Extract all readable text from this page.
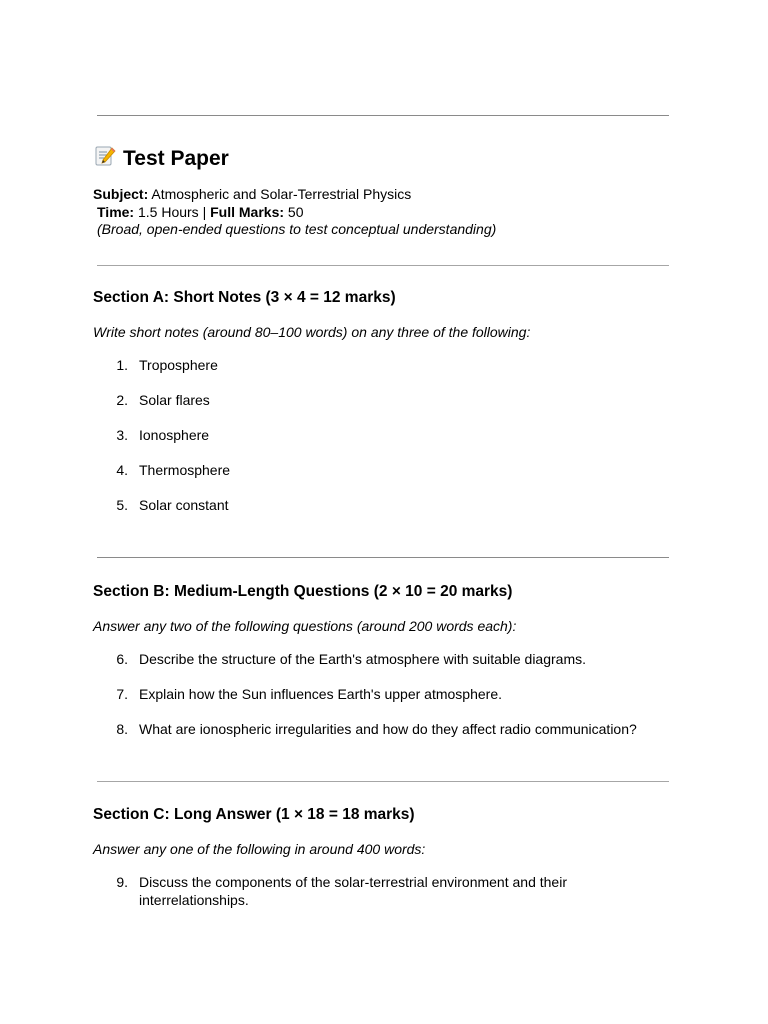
Test Paper
Subject: Atmospheric and Solar-Terrestrial Physics
Time: 1.5 Hours | Full Marks: 50
(Broad, open-ended questions to test conceptual understanding)
Section A: Short Notes (3 × 4 = 12 marks)
Write short notes (around 80–100 words) on any three of the following:
1. Troposphere
2. Solar flares
3. Ionosphere
4. Thermosphere
5. Solar constant
Section B: Medium-Length Questions (2 × 10 = 20 marks)
Answer any two of the following questions (around 200 words each):
6. Describe the structure of the Earth's atmosphere with suitable diagrams.
7. Explain how the Sun influences Earth's upper atmosphere.
8. What are ionospheric irregularities and how do they affect radio communication?
Section C: Long Answer (1 × 18 = 18 marks)
Answer any one of the following in around 400 words:
9. Discuss the components of the solar-terrestrial environment and their interrelationships.
